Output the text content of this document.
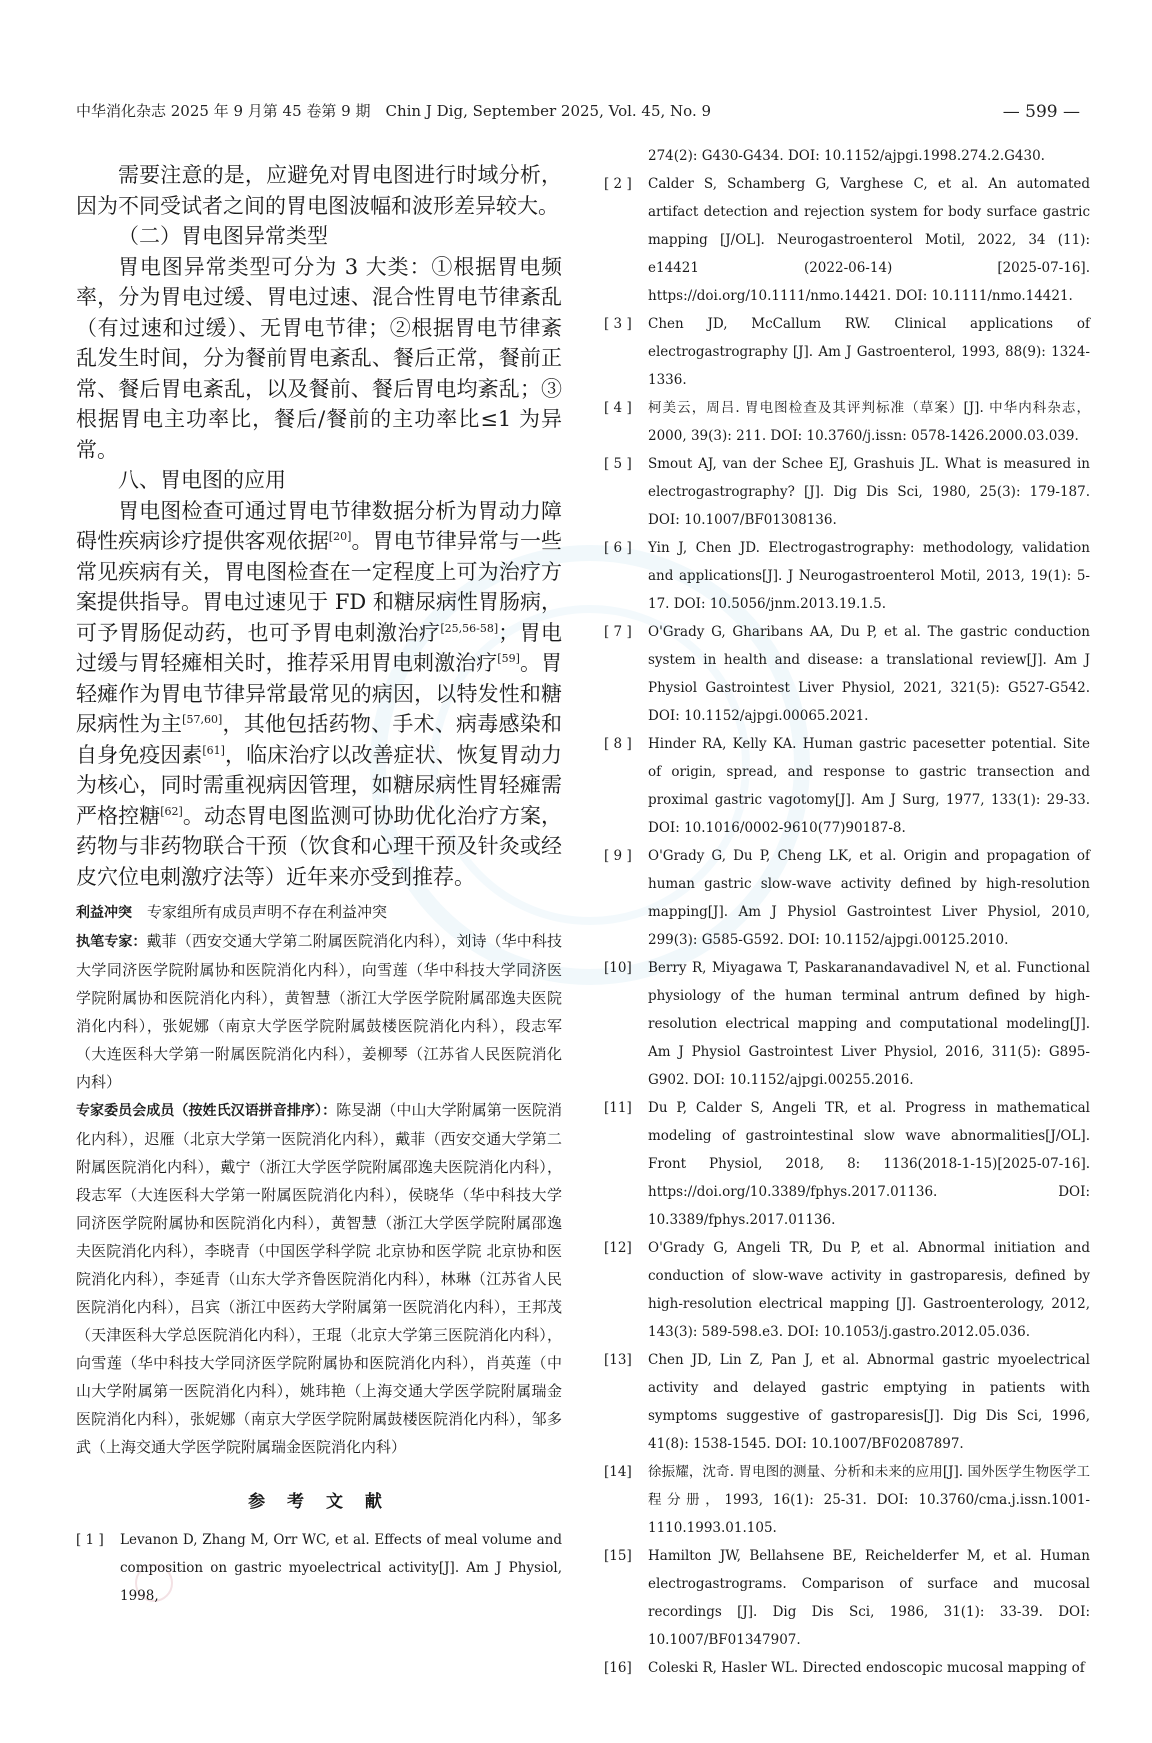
中华消化杂志 2025 年 9 月第 45 卷第 9 期　Chin J Dig, September 2025, Vol. 45, No. 9	— 599 —

需要注意的是，应避免对胃电图进行时域分析，因为不同受试者之间的胃电图波幅和波形差异较大。

（二）胃电图异常类型

胃电图异常类型可分为 3 大类：①根据胃电频率，分为胃电过缓、胃电过速、混合性胃电节律紊乱（有过速和过缓）、无胃电节律；②根据胃电节律紊乱发生时间，分为餐前胃电紊乱、餐后正常，餐前正常、餐后胃电紊乱，以及餐前、餐后胃电均紊乱；③根据胃电主功率比，餐后/餐前的主功率比≤1 为异常。

八、胃电图的应用

胃电图检查可通过胃电节律数据分析为胃动力障碍性疾病诊疗提供客观依据[20]。胃电节律异常与一些常见疾病有关，胃电图检查在一定程度上可为治疗方案提供指导。胃电过速见于 FD 和糖尿病性胃肠病，可予胃肠促动药，也可予胃电刺激治疗[25,56-58]；胃电过缓与胃轻瘫相关时，推荐采用胃电刺激治疗[59]。胃轻瘫作为胃电节律异常最常见的病因，以特发性和糖尿病性为主[57,60]，其他包括药物、手术、病毒感染和自身免疫因素[61]，临床治疗以改善症状、恢复胃动力为核心，同时需重视病因管理，如糖尿病性胃轻瘫需严格控糖[62]。动态胃电图监测可协助优化治疗方案，药物与非药物联合干预（饮食和心理干预及针灸或经皮穴位电刺激疗法等）近年来亦受到推荐。

利益冲突　专家组所有成员声明不存在利益冲突

执笔专家：戴菲（西安交通大学第二附属医院消化内科），刘诗（华中科技大学同济医学院附属协和医院消化内科），向雪莲（华中科技大学同济医学院附属协和医院消化内科），黄智慧（浙江大学医学院附属邵逸夫医院消化内科），张妮娜（南京大学医学院附属鼓楼医院消化内科），段志军（大连医科大学第一附属医院消化内科），姜柳琴（江苏省人民医院消化内科）

专家委员会成员（按姓氏汉语拼音排序）：陈旻湖（中山大学附属第一医院消化内科），迟雁（北京大学第一医院消化内科），戴菲（西安交通大学第二附属医院消化内科），戴宁（浙江大学医学院附属邵逸夫医院消化内科），段志军（大连医科大学第一附属医院消化内科），侯晓华（华中科技大学同济医学院附属协和医院消化内科），黄智慧（浙江大学医学院附属邵逸夫医院消化内科），李晓青（中国医学科学院 北京协和医学院 北京协和医院消化内科），李延青（山东大学齐鲁医院消化内科），林琳（江苏省人民医院消化内科），吕宾（浙江中医药大学附属第一医院消化内科），王邦茂（天津医科大学总医院消化内科），王琨（北京大学第三医院消化内科），向雪莲（华中科技大学同济医学院附属协和医院消化内科），肖英莲（中山大学附属第一医院消化内科），姚玮艳（上海交通大学医学院附属瑞金医院消化内科），张妮娜（南京大学医学院附属鼓楼医院消化内科），邹多武（上海交通大学医学院附属瑞金医院消化内科）

参 考 文 献

[ 1 ] Levanon D, Zhang M, Orr WC, et al. Effects of meal volume and composition on gastric myoelectrical activity[J]. Am J Physiol, 1998,

274(2): G430-G434. DOI: 10.1152/ajpgi.1998.274.2.G430.

[ 2 ] Calder S, Schamberg G, Varghese C, et al. An automated artifact detection and rejection system for body surface gastric mapping [J/OL]. Neurogastroenterol Motil, 2022, 34 (11): e14421 (2022-06-14) [2025-07-16]. https://doi.org/10.1111/nmo.14421. DOI: 10.1111/nmo.14421.

[ 3 ] Chen JD, McCallum RW. Clinical applications of electrogastrography [J]. Am J Gastroenterol, 1993, 88(9): 1324-1336.

[ 4 ] 柯美云，周吕. 胃电图检查及其评判标准（草案）[J]. 中华内科杂志，2000, 39(3): 211. DOI: 10.3760/j.issn: 0578-1426.2000.03.039.

[ 5 ] Smout AJ, van der Schee EJ, Grashuis JL. What is measured in electrogastrography? [J]. Dig Dis Sci, 1980, 25(3): 179-187. DOI: 10.1007/BF01308136.

[ 6 ] Yin J, Chen JD. Electrogastrography: methodology, validation and applications[J]. J Neurogastroenterol Motil, 2013, 19(1): 5-17. DOI: 10.5056/jnm.2013.19.1.5.

[ 7 ] O'Grady G, Gharibans AA, Du P, et al. The gastric conduction system in health and disease: a translational review[J]. Am J Physiol Gastrointest Liver Physiol, 2021, 321(5): G527-G542. DOI: 10.1152/ajpgi.00065.2021.

[ 8 ] Hinder RA, Kelly KA. Human gastric pacesetter potential. Site of origin, spread, and response to gastric transection and proximal gastric vagotomy[J]. Am J Surg, 1977, 133(1): 29-33. DOI: 10.1016/0002-9610(77)90187-8.

[ 9 ] O'Grady G, Du P, Cheng LK, et al. Origin and propagation of human gastric slow-wave activity defined by high-resolution mapping[J]. Am J Physiol Gastrointest Liver Physiol, 2010, 299(3): G585-G592. DOI: 10.1152/ajpgi.00125.2010.

[10] Berry R, Miyagawa T, Paskaranandavadivel N, et al. Functional physiology of the human terminal antrum defined by high-resolution electrical mapping and computational modeling[J]. Am J Physiol Gastrointest Liver Physiol, 2016, 311(5): G895-G902. DOI: 10.1152/ajpgi.00255.2016.

[11] Du P, Calder S, Angeli TR, et al. Progress in mathematical modeling of gastrointestinal slow wave abnormalities[J/OL]. Front Physiol, 2018, 8: 1136(2018-1-15)[2025-07-16]. https://doi.org/10.3389/fphys.2017.01136. DOI: 10.3389/fphys.2017.01136.

[12] O'Grady G, Angeli TR, Du P, et al. Abnormal initiation and conduction of slow-wave activity in gastroparesis, defined by high-resolution electrical mapping [J]. Gastroenterology, 2012, 143(3): 589-598.e3. DOI: 10.1053/j.gastro.2012.05.036.

[13] Chen JD, Lin Z, Pan J, et al. Abnormal gastric myoelectrical activity and delayed gastric emptying in patients with symptoms suggestive of gastroparesis[J]. Dig Dis Sci, 1996, 41(8): 1538-1545. DOI: 10.1007/BF02087897.

[14] 徐振耀，沈奇. 胃电图的测量、分析和未来的应用[J]. 国外医学生物医学工程分册，1993, 16(1): 25-31. DOI: 10.3760/cma.j.issn.1001-1110.1993.01.105.

[15] Hamilton JW, Bellahsene BE, Reichelderfer M, et al. Human electrogastrograms. Comparison of surface and mucosal recordings [J]. Dig Dis Sci, 1986, 31(1): 33-39. DOI: 10.1007/BF01347907.

[16] Coleski R, Hasler WL. Directed endoscopic mucosal mapping of
